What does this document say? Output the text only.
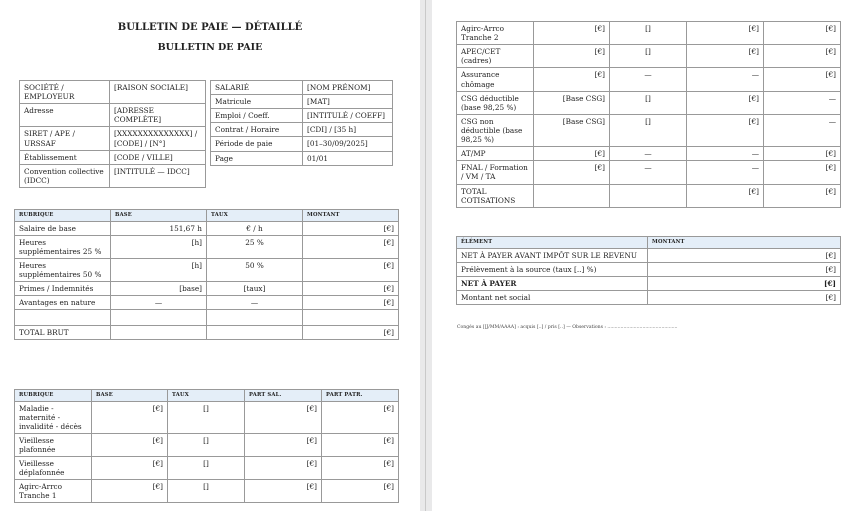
BULLETIN DE PAIE — DÉTAILLÉ
BULLETIN DE PAIE
SOCIÉTÉ / EMPLOYEUR	[RAISON SOCIALE]
Adresse	[ADRESSE COMPLÈTE]
SIRET / APE / URSSAF	[XXXXXXXXXXXXXX] / [CODE] / [N°]
Établissement	[CODE / VILLE]
Convention collective (IDCC)	[INTITULÉ — IDCC]
SALARIÉ	[NOM PRÉNOM]
Matricule	[MAT]
Emploi / Coeff.	[INTITULÉ / COEFF]
Contrat / Horaire	[CDI] / [35 h]
Période de paie	[01–30/09/2025]
Page	01/01
RUBRIQUE	BASE	TAUX	MONTANT
Salaire de base	151,67 h	€ / h	[€]
Heures supplémentaires 25 %	[h]	25 %	[€]
Heures supplémentaires 50 %	[h]	50 %	[€]
Primes / Indemnités	[base]	[taux]	[€]
Avantages en nature	—	—	[€]

TOTAL BRUT			[€]
RUBRIQUE	BASE	TAUX	PART SAL.	PART PATR.
Maladie - maternité - invalidité - décès	[€]	[]	[€]	[€]
Vieillesse plafonnée	[€]	[]	[€]	[€]
Vieillesse déplafonnée	[€]	[]	[€]	[€]
Agirc-Arrco Tranche 1	[€]	[]	[€]	[€]
Agirc-Arrco Tranche 2	[€]	[]	[€]	[€]
APEC/CET (cadres)	[€]	[]	[€]	[€]
Assurance chômage	[€]	—	—	[€]
CSG déductible (base 98,25 %)	[Base CSG]	[]	[€]	—
CSG non déductible (base 98,25 %)	[Base CSG]	[]	[€]	—
AT/MP	[€]	—	—	[€]
FNAL / Formation / VM / TA	[€]	—	—	[€]
TOTAL COTISATIONS			[€]	[€]
ÉLÉMENT	MONTANT
NET À PAYER AVANT IMPÔT SUR LE REVENU	[€]
Prélèvement à la source (taux [..] %)	[€]
NET À PAYER	[€]
Montant net social	[€]
Congés au [[J/MM/AAAA] : acquis [..] / pris [..] — Observations : ................................................
